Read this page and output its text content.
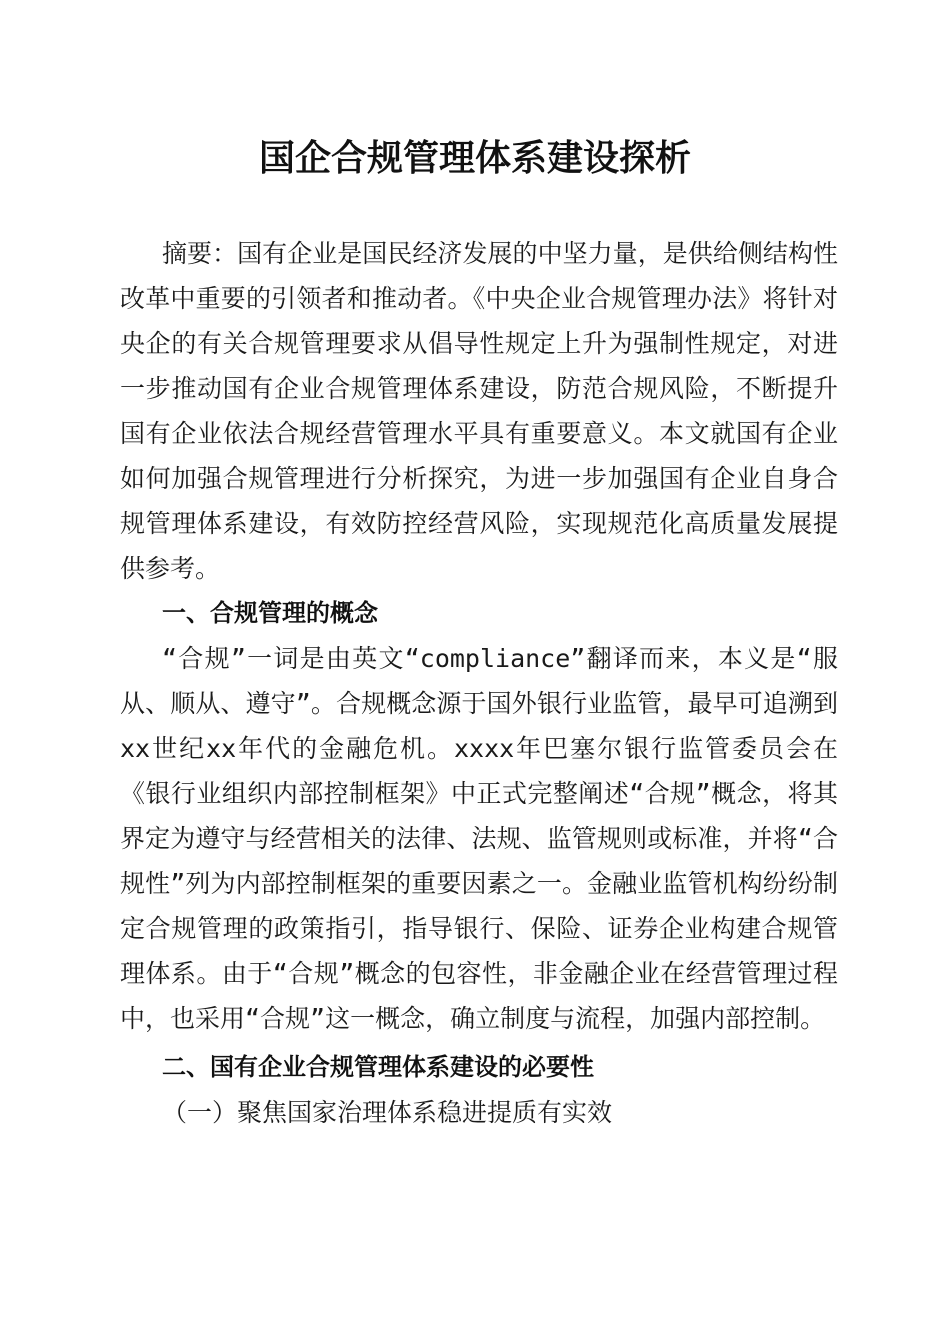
国企合规管理体系建设探析

摘要：国有企业是国民经济发展的中坚力量，是供给侧结构性改革中重要的引领者和推动者。《中央企业合规管理办法》将针对央企的有关合规管理要求从倡导性规定上升为强制性规定，对进一步推动国有企业合规管理体系建设，防范合规风险，不断提升国有企业依法合规经营管理水平具有重要意义。本文就国有企业如何加强合规管理进行分析探究，为进一步加强国有企业自身合规管理体系建设，有效防控经营风险，实现规范化高质量发展提供参考。

一、合规管理的概念

“合规”一词是由英文“compliance”翻译而来，本义是“服从、顺从、遵守”。合规概念源于国外银行业监管，最早可追溯到xx世纪xx年代的金融危机。xxxx年巴塞尔银行监管委员会在《银行业组织内部控制框架》中正式完整阐述“合规”概念，将其界定为遵守与经营相关的法律、法规、监管规则或标准，并将“合规性”列为内部控制框架的重要因素之一。金融业监管机构纷纷制定合规管理的政策指引，指导银行、保险、证券企业构建合规管理体系。由于“合规”概念的包容性，非金融企业在经营管理过程中，也采用“合规”这一概念，确立制度与流程，加强内部控制。

二、国有企业合规管理体系建设的必要性

（一）聚焦国家治理体系稳进提质有实效
